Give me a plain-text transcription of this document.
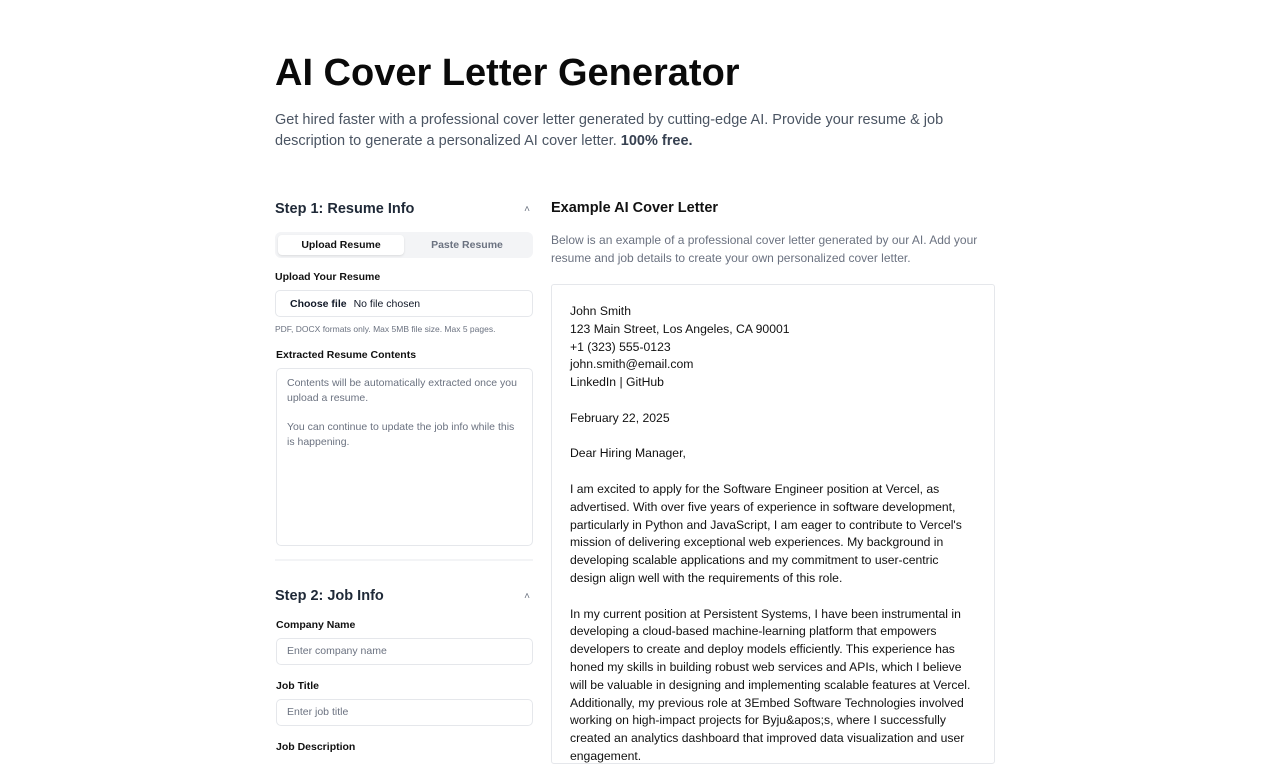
AI Cover Letter Generator

Get hired faster with a professional cover letter generated by cutting-edge AI. Provide your resume & job description to generate a personalized AI cover letter. 100% free.

Step 1: Resume Info	˄
Upload Resume	Paste Resume
Upload Your Resume
Choose file No file chosen
PDF, DOCX formats only. Max 5MB file size. Max 5 pages.
Extracted Resume Contents
Contents will be automatically extracted once you upload a resume.
You can continue to update the job info while this is happening.
Step 2: Job Info	˄
Company Name
Enter company name
Job Title
Enter job title
Job Description
Example AI Cover Letter
Below is an example of a professional cover letter generated by our AI. Add your resume and job details to create your own personalized cover letter.

John Smith
123 Main Street, Los Angeles, CA 90001
+1 (323) 555-0123
john.smith@email.com
LinkedIn | GitHub

February 22, 2025

Dear Hiring Manager,

I am excited to apply for the Software Engineer position at Vercel, as advertised. With over five years of experience in software development, particularly in Python and JavaScript, I am eager to contribute to Vercel's mission of delivering exceptional web experiences. My background in developing scalable applications and my commitment to user-centric design align well with the requirements of this role.

In my current position at Persistent Systems, I have been instrumental in developing a cloud-based machine-learning platform that empowers developers to create and deploy models efficiently. This experience has honed my skills in building robust web services and APIs, which I believe will be valuable in designing and implementing scalable features at Vercel. Additionally, my previous role at 3Embed Software Technologies involved working on high-impact projects for Byju&apos;s, where I successfully created an analytics dashboard that improved data visualization and user engagement.
